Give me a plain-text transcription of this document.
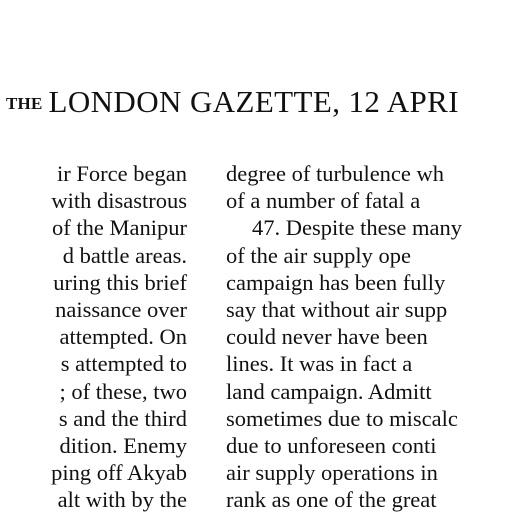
THE LONDON GAZETTE, 12 APRI
ir Force began
with disastrous
of the Manipur
d battle areas.
uring this brief
naissance over
attempted. On
s attempted to
; of these, two
s and the third
dition. Enemy
ping off Akyab
alt with by the
degree of turbulence wh
of a number of fatal a
47. Despite these many
of the air supply ope
campaign has been fully
say that without air supp
could never have been
lines. It was in fact a
land campaign. Admitt
sometimes due to miscalc
due to unforeseen conti
air supply operations in
rank as one of the great
